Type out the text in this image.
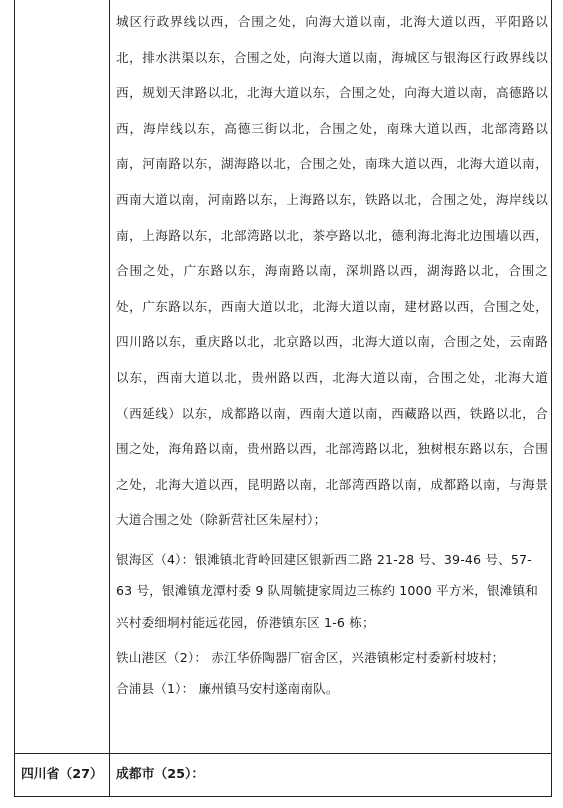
城区行政界线以西，合围之处，向海大道以南，北海大道以西，平阳路以北，排水洪渠以东，合围之处，向海大道以南，海城区与银海区行政界线以西，规划天津路以北，北海大道以东，合围之处，向海大道以南，高德路以西，海岸线以东，高德三街以北，合围之处，南珠大道以西，北部湾路以南，河南路以东，湖海路以北，合围之处，南珠大道以西，北海大道以南，西南大道以南，河南路以东，上海路以东，铁路以北，合围之处，海岸线以南，上海路以东，北部湾路以北，茶亭路以北，德利海北海北边围墙以西，合围之处，广东路以东，海南路以南，深圳路以西，湖海路以北，合围之处，广东路以东，西南大道以北，北海大道以南，建材路以西，合围之处，四川路以东，重庆路以北，北京路以西，北海大道以南，合围之处，云南路以东，西南大道以北，贵州路以西，北海大道以南，合围之处，北海大道（西延线）以东，成都路以南，西南大道以南，西藏路以西，铁路以北，合围之处，海角路以南，贵州路以西，北部湾路以北，独树根东路以东，合围之处，北海大道以西，昆明路以南，北部湾西路以南，成都路以南，与海景大道合围之处（除新营社区朱屋村）；

银海区（4）：银滩镇北背岭回建区银新西二路 21-28 号、39-46 号、57-63 号，银滩镇龙潭村委 9 队周毓捷家周边三栋约 1000 平方米，银滩镇和兴村委细垌村能远花园，侨港镇东区 1-6 栋；

铁山港区（2）： 赤江华侨陶器厂宿舍区，兴港镇彬定村委新村坡村；

合浦县（1）： 廉州镇马安村遂南南队。

四川省（27） 成都市（25）：
